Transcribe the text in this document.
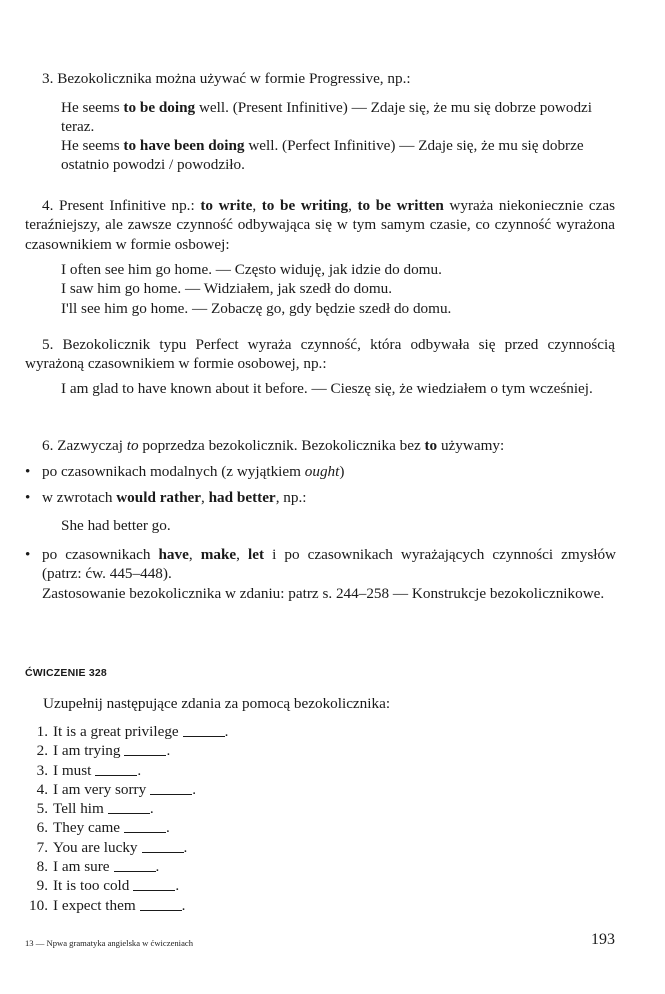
3. Bezokolicznika można używać w formie Progressive, np.:
He seems to be doing well. (Present Infinitive) — Zdaje się, że mu się dobrze powodzi teraz.
He seems to have been doing well. (Perfect Infinitive) — Zdaje się, że mu się dobrze ostatnio powodzi / powodziło.
4. Present Infinitive np.: to write, to be writing, to be written wyraża niekoniecznie czas teraźniejszy, ale zawsze czynność odbywająca się w tym samym czasie, co czynność wyrażona czasownikiem w formie osbowej:
I often see him go home. — Często widuję, jak idzie do domu.
I saw him go home. — Widziałem, jak szedł do domu.
I'll see him go home. — Zobaczę go, gdy będzie szedł do domu.
5. Bezokolicznik typu Perfect wyraża czynność, która odbywała się przed czynnością wyrażoną czasownikiem w formie osobowej, np.:
I am glad to have known about it before. — Cieszę się, że wiedziałem o tym wcześniej.
6. Zazwyczaj to poprzedza bezokolicznik. Bezokolicznika bez to używamy:
• po czasownikach modalnych (z wyjątkiem ought)
• w zwrotach would rather, had better, np.:
She had better go.
• po czasownikach have, make, let i po czasownikach wyrażających czynności zmysłów (patrz: ćw. 445–448).
Zastosowanie bezokolicznika w zdaniu: patrz s. 244–258 — Konstrukcje bezokolicznikowe.
ĆWICZENIE 328
Uzupełnij następujące zdania za pomocą bezokolicznika:
1. It is a great privilege	.
2. I am trying	.
3. I must	.
4. I am very sorry	.
5. Tell him	.
6. They came	.
7. You are lucky	.
8. I am sure	.
9. It is too cold	.
10. I expect them	.
13 — Npwa gramatyka angielska w ćwiczeniach	193
